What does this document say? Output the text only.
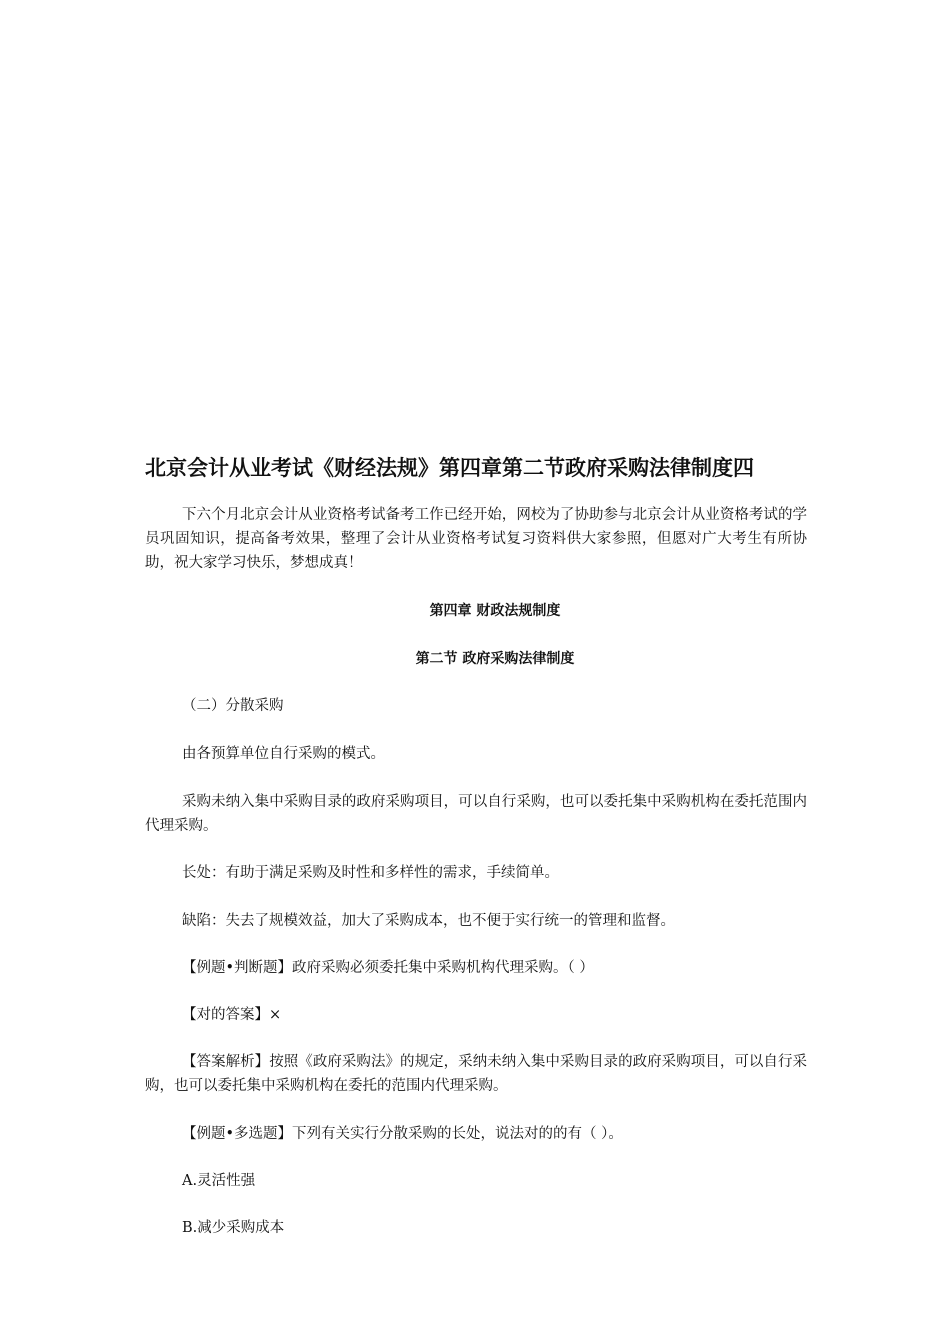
北京会计从业考试《财经法规》第四章第二节政府采购法律制度四

下六个月北京会计从业资格考试备考工作已经开始，网校为了协助参与北京会计从业资格考试的学员巩固知识，提高备考效果，整理了会计从业资格考试复习资料供大家参照，但愿对广大考生有所协助，祝大家学习快乐，梦想成真！

第四章 财政法规制度

第二节 政府采购法律制度

（二）分散采购

由各预算单位自行采购的模式。

采购未纳入集中采购目录的政府采购项目，可以自行采购，也可以委托集中采购机构在委托范围内代理采购。

长处：有助于满足采购及时性和多样性的需求，手续简单。

缺陷：失去了规模效益，加大了采购成本，也不便于实行统一的管理和监督。

【例题•判断题】政府采购必须委托集中采购机构代理采购。（ ）

【对的答案】×

【答案解析】按照《政府采购法》的规定，采纳未纳入集中采购目录的政府采购项目，可以自行采购，也可以委托集中采购机构在委托的范围内代理采购。

【例题•多选题】下列有关实行分散采购的长处，说法对的的有（ ）。

A.灵活性强

B.减少采购成本
